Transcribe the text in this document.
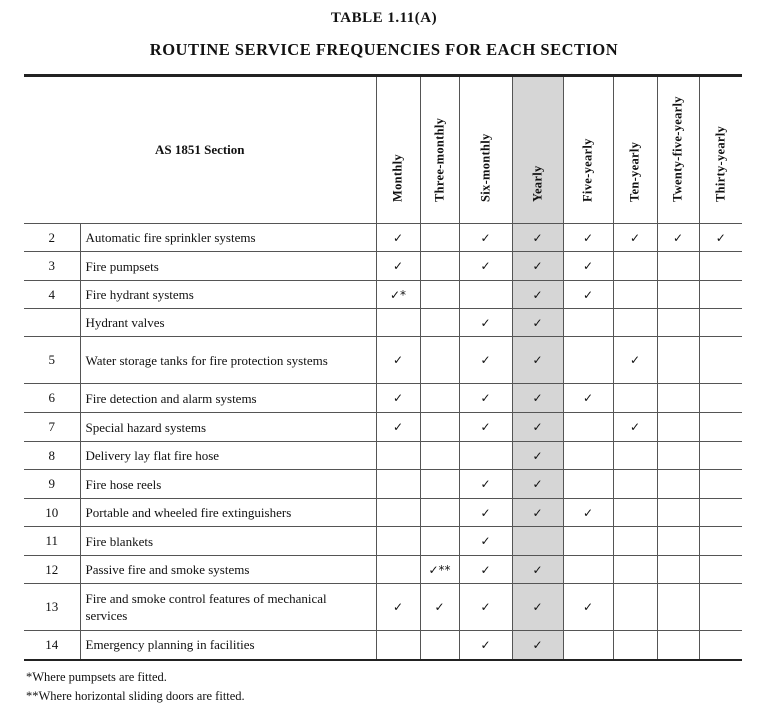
TABLE 1.11(A)
ROUTINE SERVICE FREQUENCIES FOR EACH SECTION
AS 1851 Section		Monthly	Three-monthly	Six-monthly	Yearly	Five-yearly	Ten-yearly	Twenty-five-yearly	Thirty-yearly

2	Automatic fire sprinkler systems	✓		✓	✓	✓	✓	✓	✓
3	Fire pumpsets	✓		✓	✓	✓			
4	Fire hydrant systems	✓*			✓	✓			
	Hydrant valves			✓	✓				
5	Water storage tanks for fire protection systems	✓		✓	✓		✓		
6	Fire detection and alarm systems	✓		✓	✓	✓			
7	Special hazard systems	✓		✓	✓		✓		
8	Delivery lay flat fire hose				✓				
9	Fire hose reels			✓	✓				
10	Portable and wheeled fire extinguishers			✓	✓	✓			
11	Fire blankets			✓					
12	Passive fire and smoke systems		✓**	✓	✓				
13	Fire and smoke control features of mechanical services	✓	✓	✓	✓	✓			
14	Emergency planning in facilities			✓	✓				
*Where pumpsets are fitted.
**Where horizontal sliding doors are fitted.
